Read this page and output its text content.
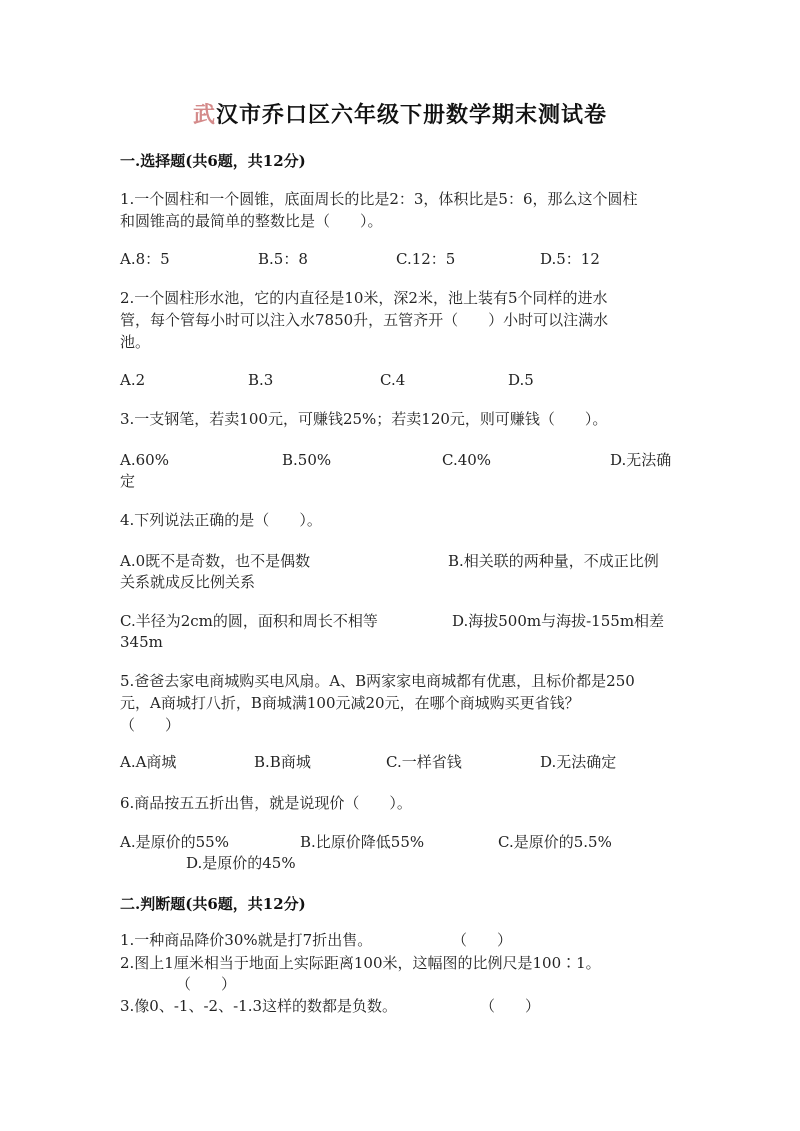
武汉市乔口区六年级下册数学期末测试卷
一.选择题(共6题，共12分)
1.一个圆柱和一个圆锥，底面周长的比是2：3，体积比是5：6，那么这个圆柱
和圆锥高的最简单的整数比是（　　）。
A.8：5	B.5：8	C.12：5	D.5：12
2.一个圆柱形水池，它的内直径是10米，深2米，池上装有5个同样的进水
管，每个管每小时可以注入水7850升，五管齐开（　　）小时可以注满水
池。
A.2	B.3	C.4	D.5
3.一支钢笔，若卖100元，可赚钱25%；若卖120元，则可赚钱（　　）。
A.60%	B.50%	C.40%	D.无法确
定
4.下列说法正确的是（　　）。
A.0既不是奇数，也不是偶数	B.相关联的两种量，不成正比例
关系就成反比例关系
C.半径为2cm的圆，面积和周长不相等	D.海拔500m与海拔-155m相差
345m
5.爸爸去家电商城购买电风扇。A、B两家家电商城都有优惠，且标价都是250
元，A商城打八折，B商城满100元减20元，在哪个商城购买更省钱？
（　　）
A.A商城	B.B商城	C.一样省钱	D.无法确定
6.商品按五五折出售，就是说现价（　　）。
A.是原价的55%	B.比原价降低55%	C.是原价的5.5%
D.是原价的45%
二.判断题(共6题，共12分)
1.一种商品降价30%就是打7折出售。	（　　）
2.图上1厘米相当于地面上实际距离100米，这幅图的比例尺是100∶1。
（　　）
3.像0、-1、-2、-1.3这样的数都是负数。	（　　）
